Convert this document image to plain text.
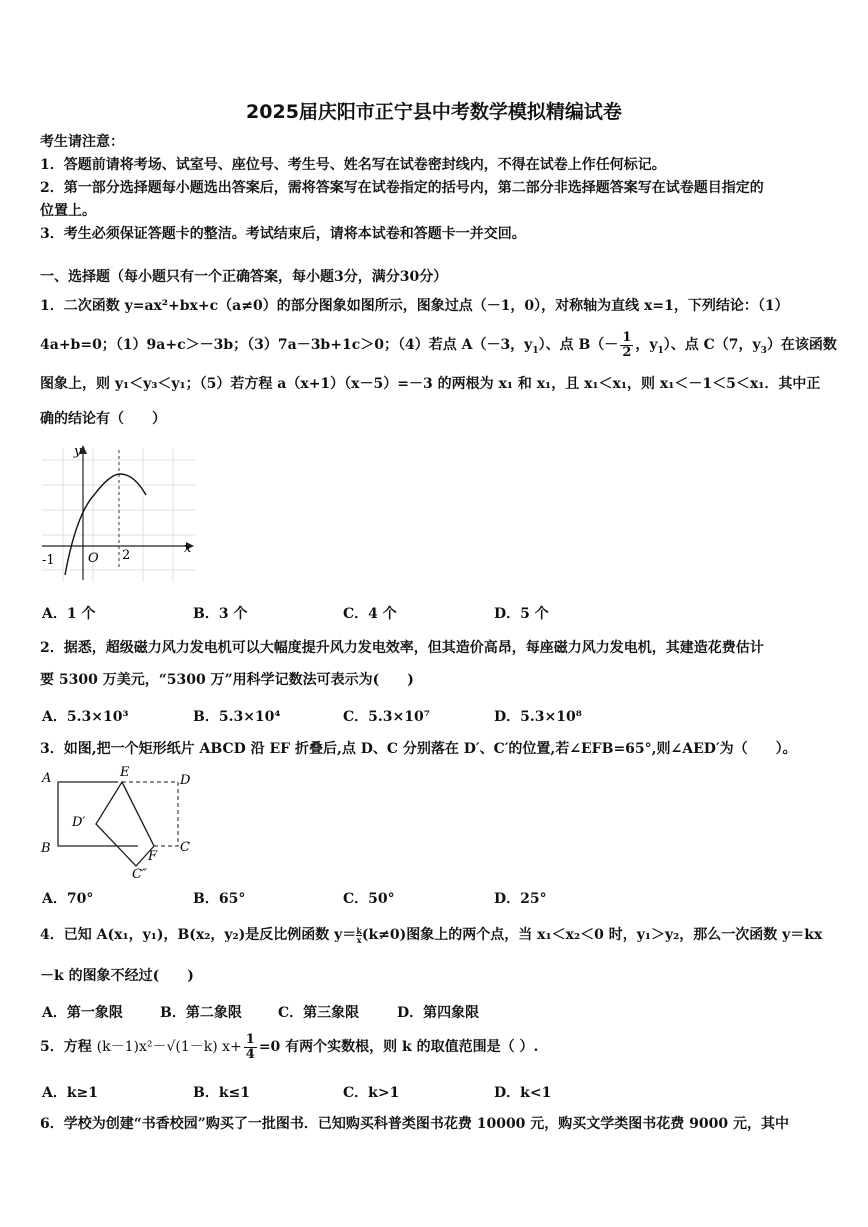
2025届庆阳市正宁县中考数学模拟精编试卷
考生请注意：
1．答题前请将考场、试室号、座位号、考生号、姓名写在试卷密封线内，不得在试卷上作任何标记。
2．第一部分选择题每小题选出答案后，需将答案写在试卷指定的括号内，第二部分非选择题答案写在试卷题目指定的
位置上。
3．考生必须保证答题卡的整洁。考试结束后，请将本试卷和答题卡一并交回。
一、选择题（每小题只有一个正确答案，每小题3分，满分30分）
1．二次函数 y=ax²+bx+c（a≠0）的部分图象如图所示，图象过点（－1，0），对称轴为直线 x=1，下列结论：（1）
4a+b=0；（1）9a+c＞－3b；（3）7a－3b+1c＞0；（4）若点 A（－3，$y_1$）、点 $B(- \frac{1}{2}$ ，$y_1$）、点 C（7，$y_3$）在该函数
图象上，则 y₁＜y₃＜y₁；（5）若方程 a（x+1）（x－5）=－3 的两根为 x₁ 和 x₁，且 x₁＜x₁，则 x₁＜－1＜5＜x₁．其中正
确的结论有（　　）
y
x
O
-1	2
A．1 个	B．3 个	C．4 个	D．5 个
2．据悉，超级磁力风力发电机可以大幅度提升风力发电效率，但其造价高昂，每座磁力风力发电机，其建造花费估计
要 5300 万美元，“5300 万”用科学记数法可表示为(　　)
A．5.3×10³	B．5.3×10⁴	C．5.3×10⁷	D．5.3×10⁸
3．如图,把一个矩形纸片 ABCD 沿 EF 折叠后,点 D、C 分别落在 D′、C′的位置,若∠EFB=65°,则∠AED′为（　　）。
A	E
D
D′
B
F
C
C″
A．70°	B．65°	C．50°	D．25°
4．已知 A(x₁，y₁)，B(x₂，y₂)是反比例函数 $y= \frac{k}{x} (k\ne 0)$图象上的两个点，当 x₁＜x₂＜0 时，y₁＞y₂，那么一次函数 y＝kx
－k 的图象不经过(　　)
A．第一象限	B．第二象限	C．第三象限	D．第四象限
5．方程 (k－1)x²－√(1－k) $x+ \frac{1}{4} =0$ 有两个实数根，则 k 的取值范围是（ ）.
A．k≥1	B．k≤1	C．k>1	D．k<1
6．学校为创建“书香校园”购买了一批图书．已知购买科普类图书花费 10000 元，购买文学类图书花费 9000 元，其中
